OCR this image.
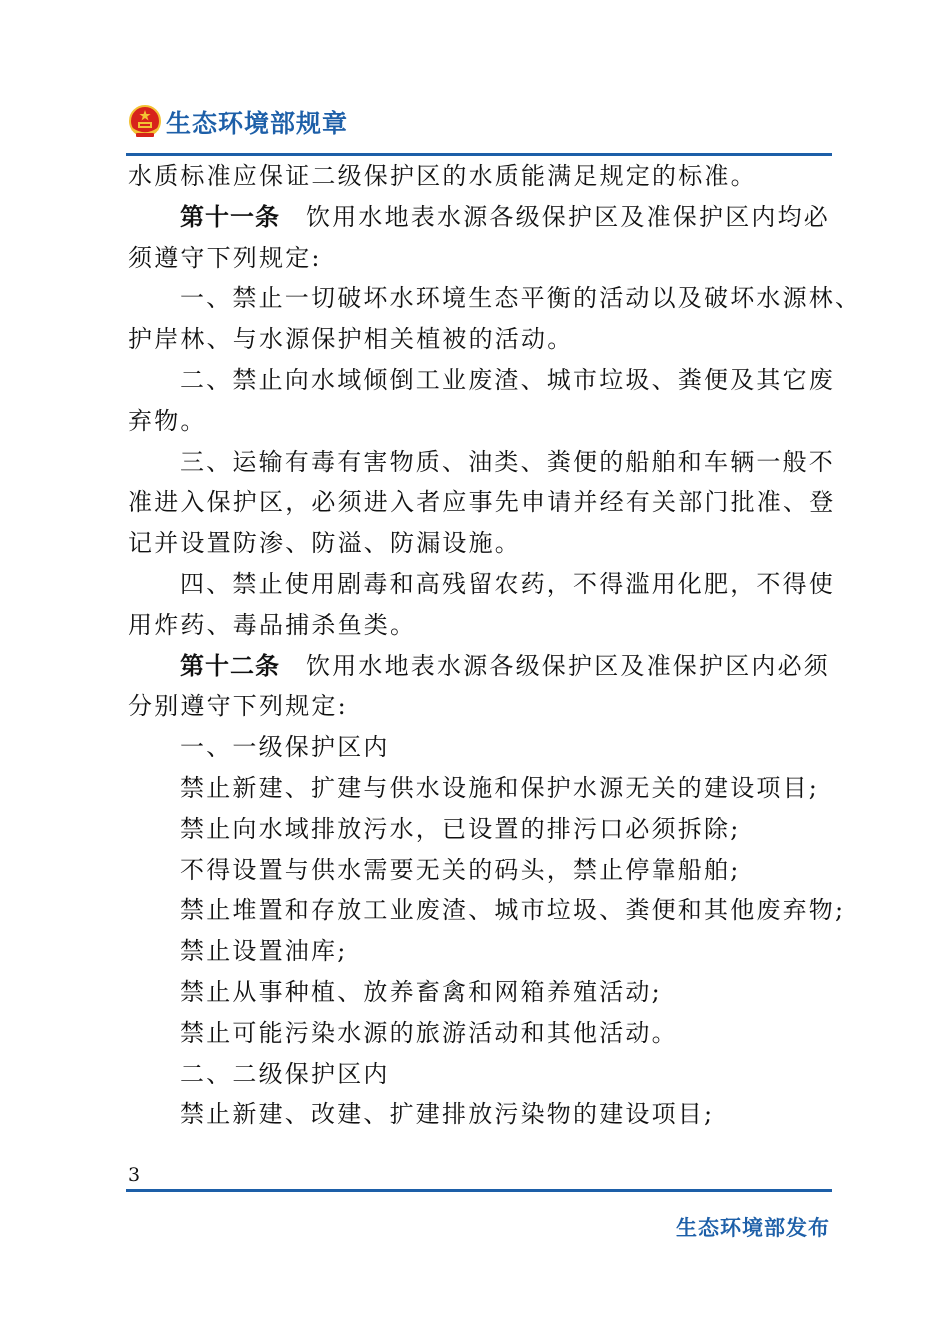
生态环境部规章
水质标准应保证二级保护区的水质能满足规定的标准。
第十一条 饮用水地表水源各级保护区及准保护区内均必
须遵守下列规定:
一、禁止一切破坏水环境生态平衡的活动以及破坏水源林、
护岸林、与水源保护相关植被的活动。
二、禁止向水域倾倒工业废渣、城市垃圾、粪便及其它废
弃物。
三、运输有毒有害物质、油类、粪便的船舶和车辆一般不
准进入保护区，必须进入者应事先申请并经有关部门批准、登
记并设置防渗、防溢、防漏设施。
四、禁止使用剧毒和高残留农药，不得滥用化肥，不得使
用炸药、毒品捕杀鱼类。
第十二条 饮用水地表水源各级保护区及准保护区内必须
分别遵守下列规定:
一、一级保护区内
禁止新建、扩建与供水设施和保护水源无关的建设项目;
禁止向水域排放污水，已设置的排污口必须拆除;
不得设置与供水需要无关的码头，禁止停靠船舶;
禁止堆置和存放工业废渣、城市垃圾、粪便和其他废弃物;
禁止设置油库;
禁止从事种植、放养畜禽和网箱养殖活动;
禁止可能污染水源的旅游活动和其他活动。
二、二级保护区内
禁止新建、改建、扩建排放污染物的建设项目;
3
生态环境部发布
